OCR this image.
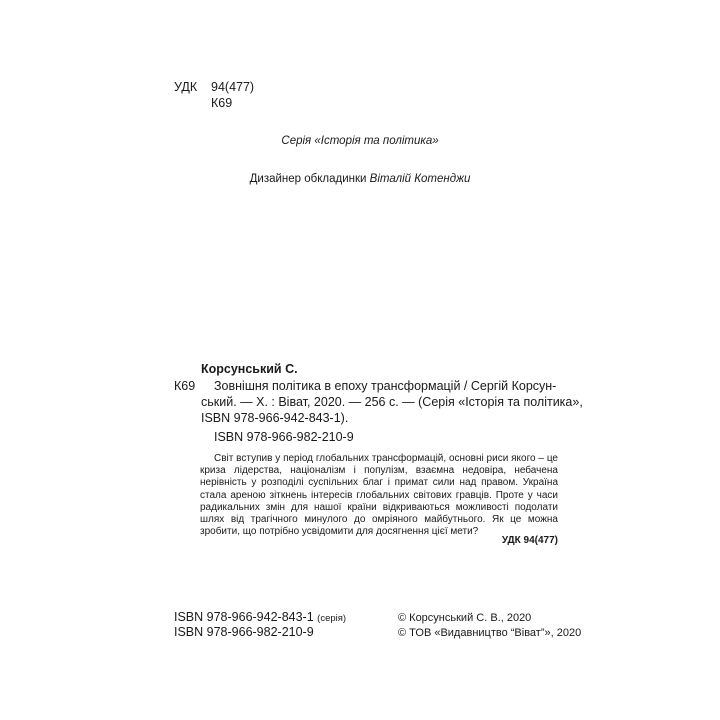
УДК 94(477)
К69
Серія «Історія та політика»
Дизайнер обкладинки Віталій Котенджи
Корсунський С.
К69 Зовнішня політика в епоху трансформацій / Сергій Корсун-
ський. — Х. : Віват, 2020. — 256 с. — (Серія «Історія та політика»,
ISBN 978-966-942-843-1).
ISBN 978-966-982-210-9

Світ вступив у період глобальних трансформацій, основні риси якого – це криза лідерства, націоналізм і популізм, взаємна недовіра, небачена нерівність у розподілі суспільних благ і примат сили над правом. Україна стала ареною зіткнень інтересів глобальних світових гравців. Проте у часи радикальних змін для нашої країни відкриваються можливості подолати шлях від трагічного минулого до омріяного майбутнього. Як це можна зробити, що потрібно усвідомити для досягнення цієї мети?

УДК 94(477)
ISBN 978-966-942-843-1 (серія)
ISBN 978-966-982-210-9
© Корсунський С. В., 2020
© ТОВ «Видавництво “Віват”», 2020
